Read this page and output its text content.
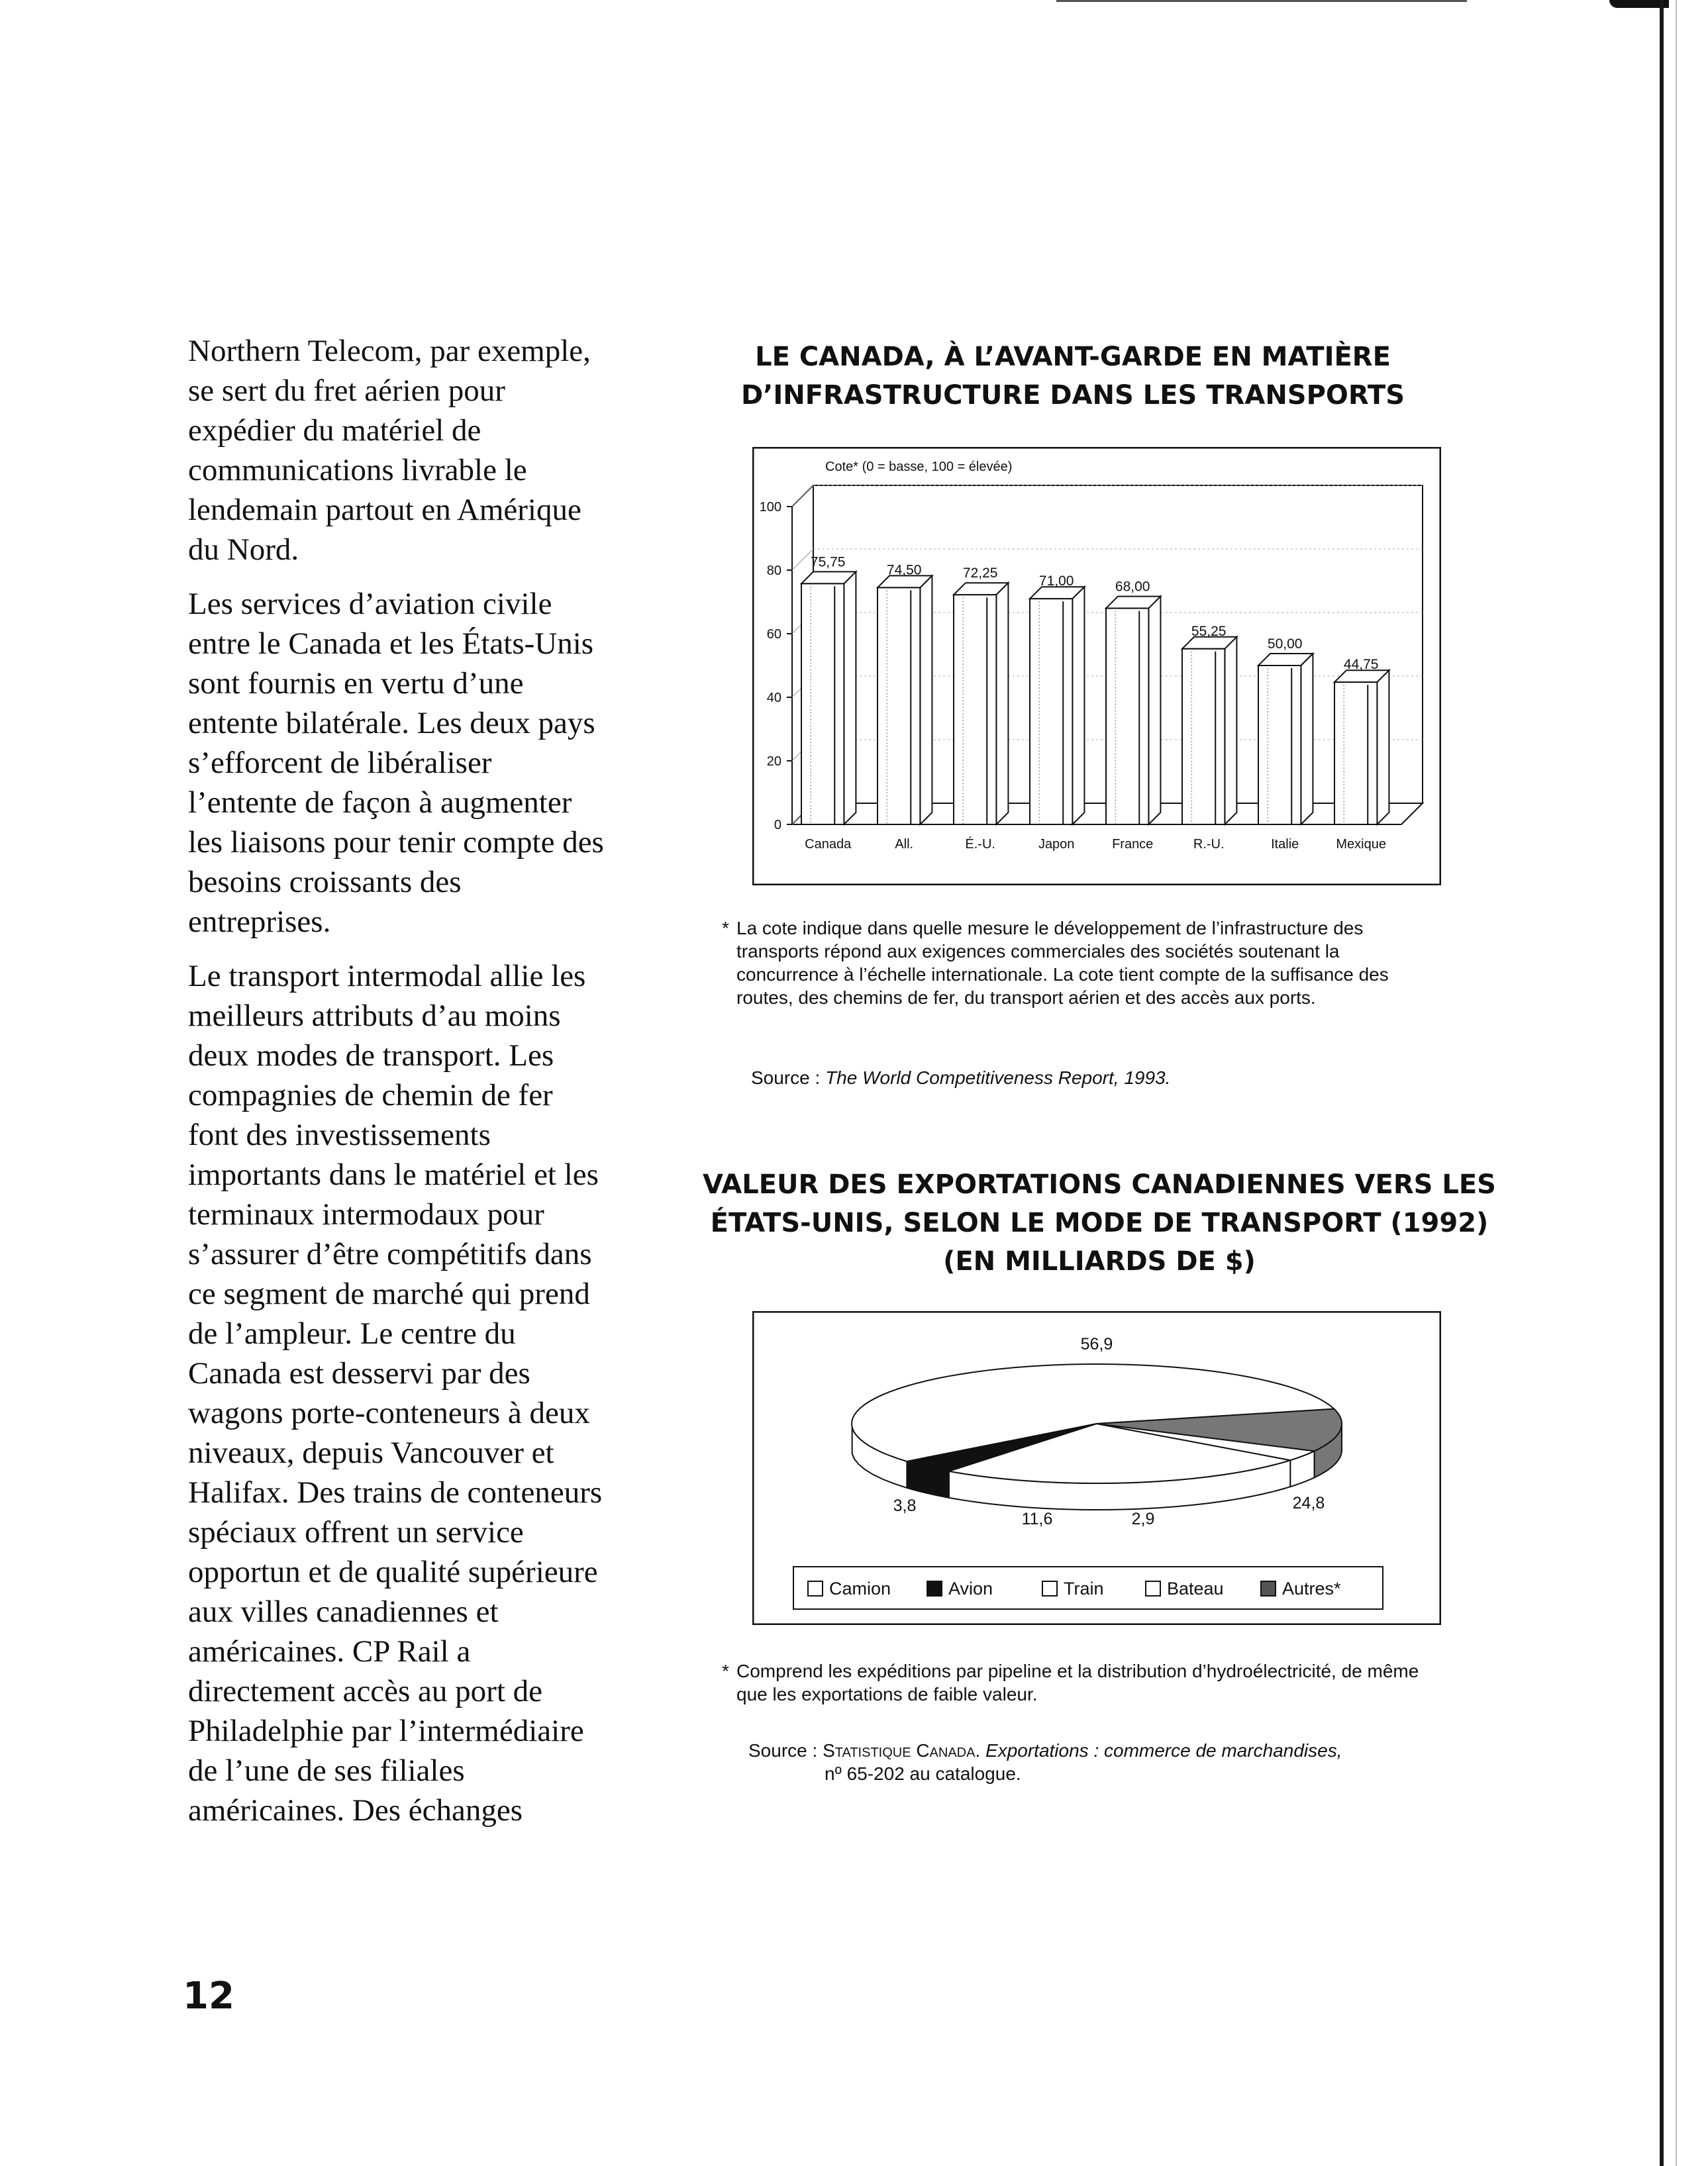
Northern Telecom, par exemple, se sert du fret aérien pour expédier du matériel de communications livrable le lendemain partout en Amérique du Nord.

Les services d’aviation civile entre le Canada et les États-Unis sont fournis en vertu d’une entente bilatérale. Les deux pays s’efforcent de libéraliser l’entente de façon à augmenter les liaisons pour tenir compte des besoins croissants des entreprises.

Le transport intermodal allie les meilleurs attributs d’au moins deux modes de transport. Les compagnies de chemin de fer font des investissements importants dans le matériel et les terminaux intermodaux pour s’assurer d’être compétitifs dans ce segment de marché qui prend de l’ampleur. Le centre du Canada est desservi par des wagons porte-conteneurs à deux niveaux, depuis Vancouver et Halifax. Des trains de conteneurs spéciaux offrent un service opportun et de qualité supérieure aux villes canadiennes et américaines. CP Rail a directement accès au port de Philadelphie par l’intermédiaire de l’une de ses filiales américaines. Des échanges

12
LE CANADA, À L’AVANT-GARDE EN MATIÈRE
D’INFRASTRUCTURE DANS LES TRANSPORTS
Cote* (0 = basse, 100 = élevée)
0
20
40
60
80
100
75,75
Canada
74,50
All.
72,25
É.-U.
71,00
Japon
68,00
France
55,25
R.-U.
50,00
Italie
44,75
Mexique
* La cote indique dans quelle mesure le développement de l’infrastructure des transports répond aux exigences commerciales des sociétés soutenant la concurrence à l’échelle internationale. La cote tient compte de la suffisance des routes, des chemins de fer, du transport aérien et des accès aux ports.
Source : The World Competitiveness Report, 1993.
VALEUR DES EXPORTATIONS CANADIENNES VERS LES
ÉTATS-UNIS, SELON LE MODE DE TRANSPORT (1992)
(EN MILLIARDS DE $)
56,9
3,8	24,8
2,9
11,6
Camion	Avion	Train	Bateau	Autres*
* Comprend les expéditions par pipeline et la distribution d’hydroélectricité, de même que les exportations de faible valeur.
Source : Statistique Canada. Exportations : commerce de marchandises,
nº 65-202 au catalogue.
